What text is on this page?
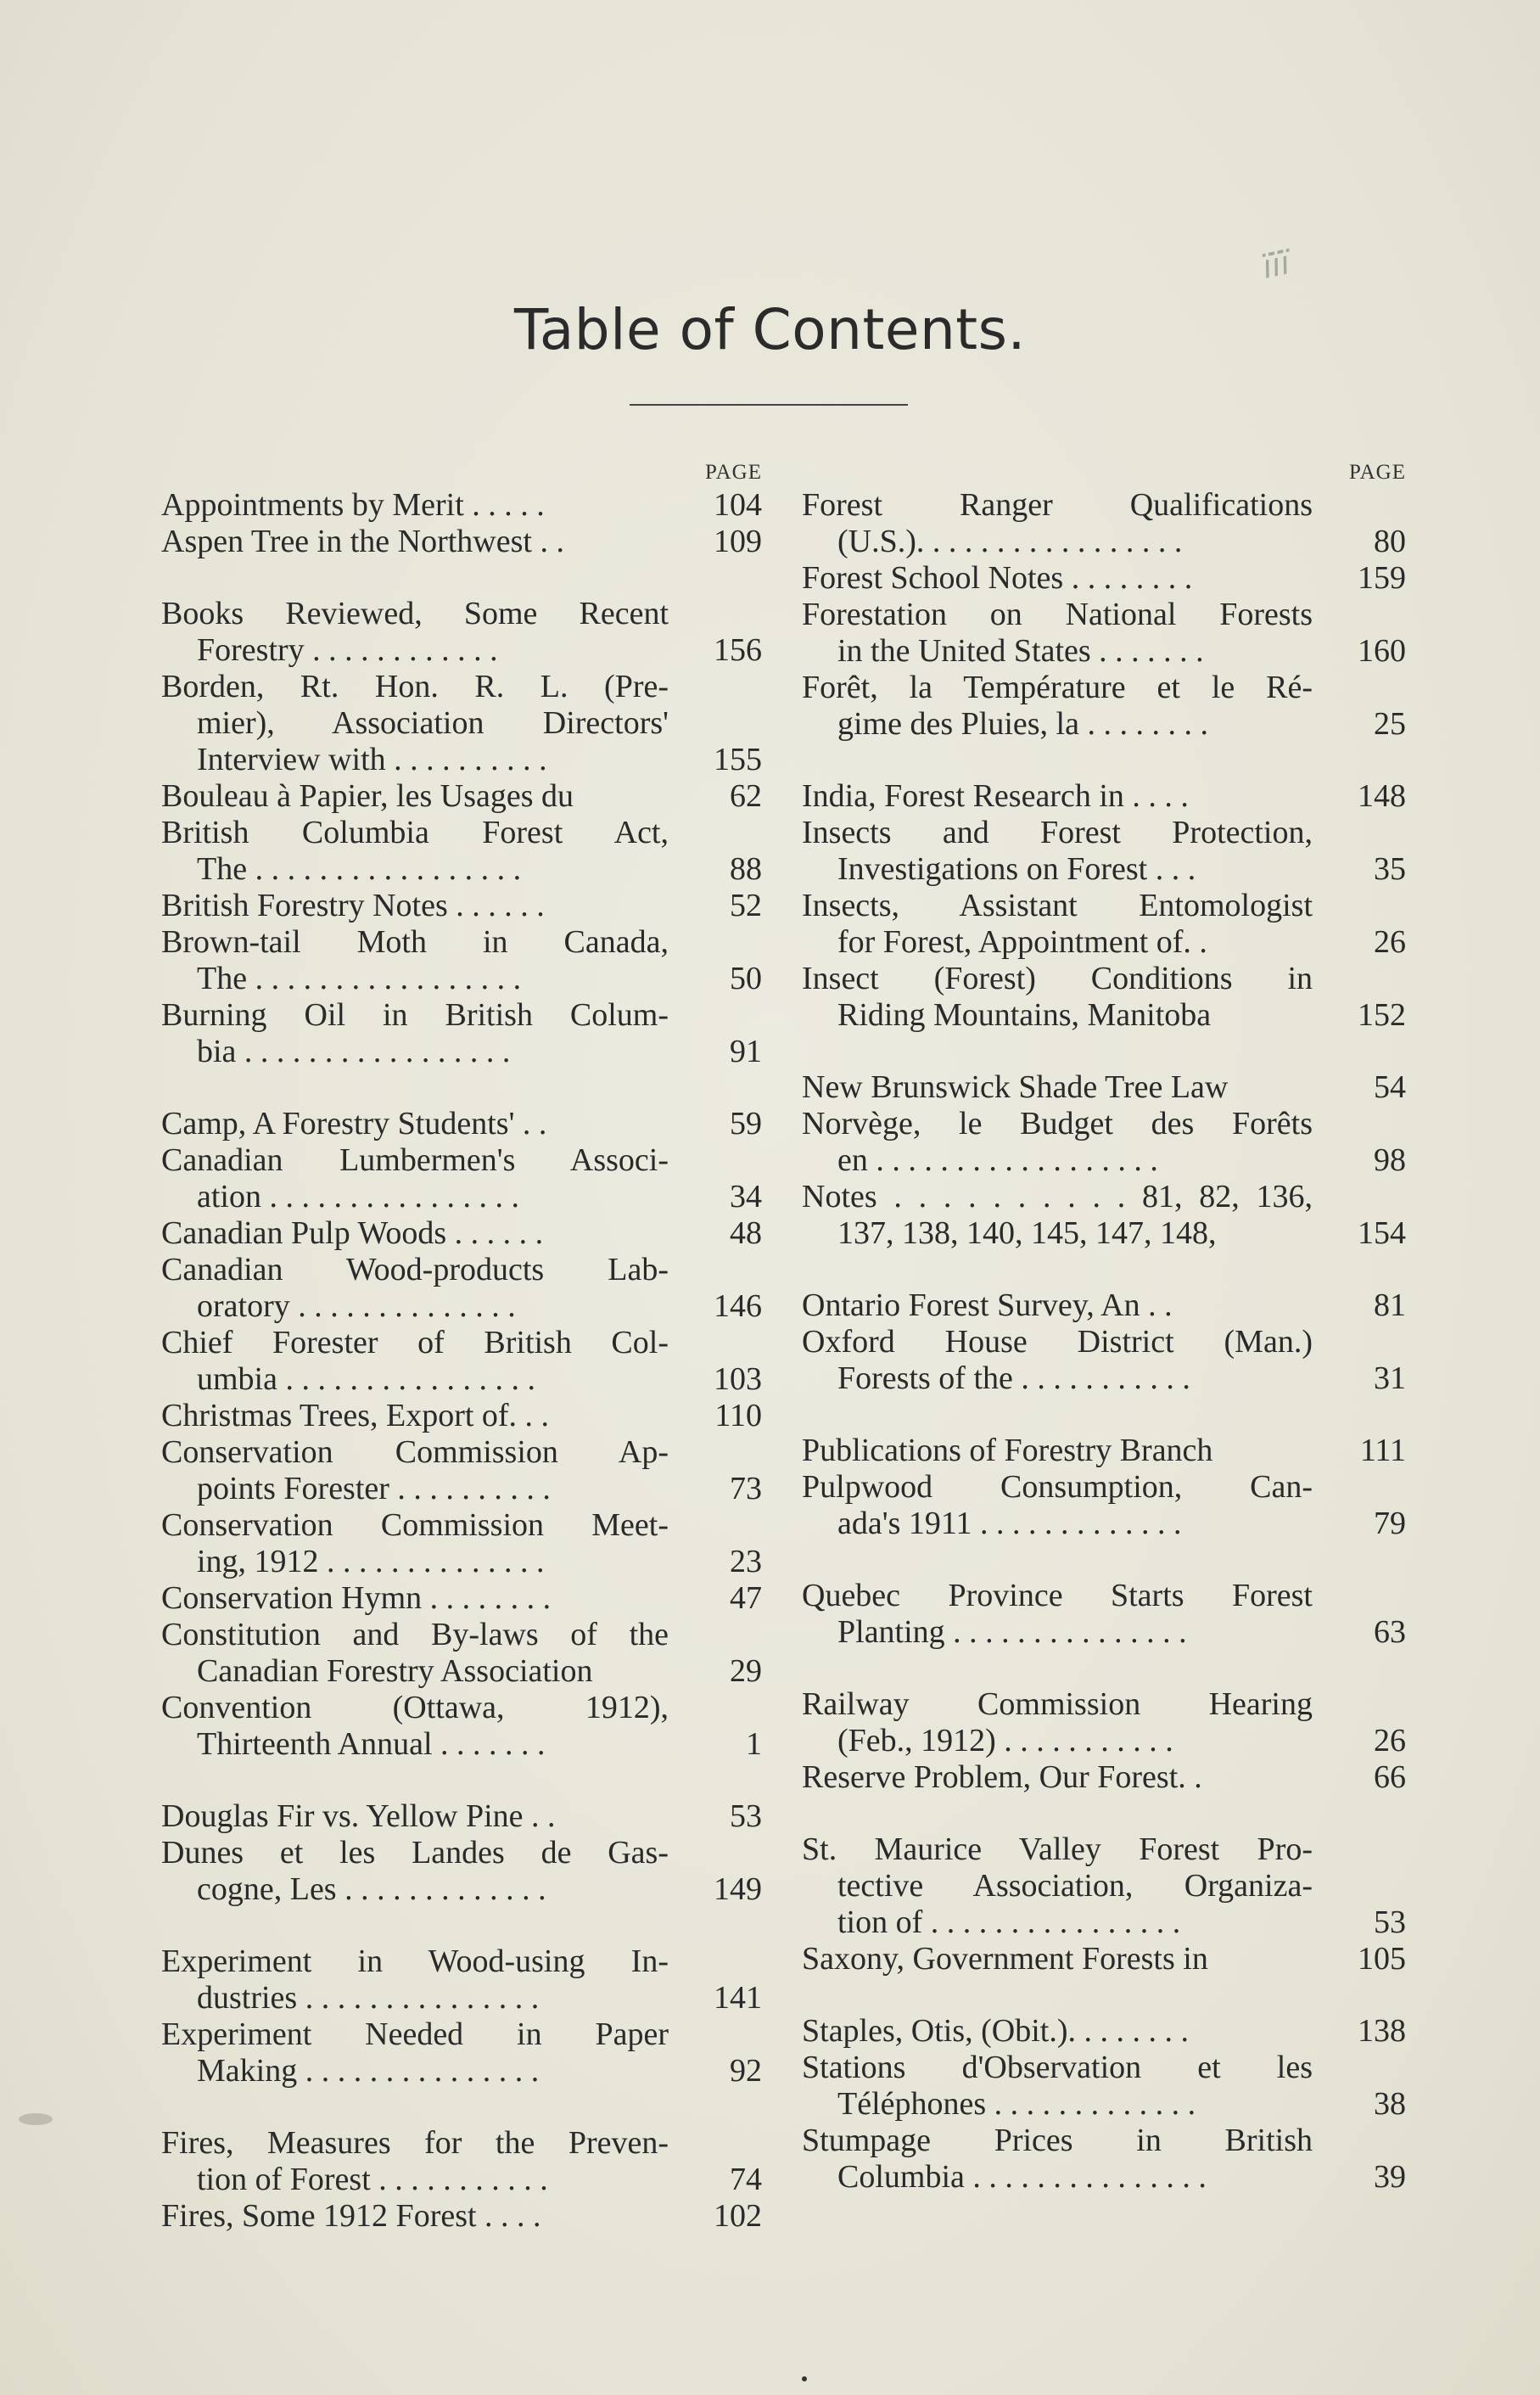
ïïï
Table of Contents.
PAGE
Appointments by Merit . . . . .	104
Aspen Tree in the Northwest . .	109
Books Reviewed, Some Recent
Forestry . . . . . . . . . . . .	156
Borden, Rt. Hon. R. L. (Pre-
mier), Association Directors'
Interview with . . . . . . . . . .	155
Bouleau à Papier, les Usages du	62
British Columbia Forest Act,
The . . . . . . . . . . . . . . . . .	88
British Forestry Notes . . . . . .	52
Brown-tail Moth in Canada,
The . . . . . . . . . . . . . . . . .	50
Burning Oil in British Colum-
bia . . . . . . . . . . . . . . . . .	91
Camp, A Forestry Students' . .	59
Canadian Lumbermen's Associ-
ation . . . . . . . . . . . . . . . .	34
Canadian Pulp Woods . . . . . .	48
Canadian Wood-products Lab-
oratory . . . . . . . . . . . . . .	146
Chief Forester of British Col-
umbia . . . . . . . . . . . . . . . .	103
Christmas Trees, Export of. . .	110
Conservation Commission Ap-
points Forester . . . . . . . . . .	73
Conservation Commission Meet-
ing, 1912 . . . . . . . . . . . . . .	23
Conservation Hymn . . . . . . . .	47
Constitution and By-laws of the
Canadian Forestry Association	29
Convention (Ottawa, 1912),
Thirteenth Annual . . . . . . .	1
Douglas Fir vs. Yellow Pine . .	53
Dunes et les Landes de Gas-
cogne, Les . . . . . . . . . . . . .	149
Experiment in Wood-using In-
dustries . . . . . . . . . . . . . . .	141
Experiment Needed in Paper
Making . . . . . . . . . . . . . . .	92
Fires, Measures for the Preven-
tion of Forest . . . . . . . . . . .	74
Fires, Some 1912 Forest . . . .	102
PAGE
Forest Ranger Qualifications
(U.S.). . . . . . . . . . . . . . . . .	80
Forest School Notes . . . . . . . .	159
Forestation on National Forests
in the United States . . . . . . .	160
Forêt, la Température et le Ré-
gime des Pluies, la . . . . . . . .	25
India, Forest Research in . . . .	148
Insects and Forest Protection,
Investigations on Forest . . .	35
Insects, Assistant Entomologist
for Forest, Appointment of. .	26
Insect (Forest) Conditions in
Riding Mountains, Manitoba	152
New Brunswick Shade Tree Law	54
Norvège, le Budget des Forêts
en . . . . . . . . . . . . . . . . . .	98
Notes . . . . . . . . . . 81, 82, 136,
137, 138, 140, 145, 147, 148,	154
Ontario Forest Survey, An . .	81
Oxford House District (Man.)
Forests of the . . . . . . . . . . .	31
Publications of Forestry Branch	111
Pulpwood Consumption, Can-
ada's 1911 . . . . . . . . . . . . .	79
Quebec Province Starts Forest
Planting . . . . . . . . . . . . . . .	63
Railway Commission Hearing
(Feb., 1912) . . . . . . . . . . .	26
Reserve Problem, Our Forest. .	66
St. Maurice Valley Forest Pro-
tective Association, Organiza-
tion of . . . . . . . . . . . . . . . .	53
Saxony, Government Forests in	105
Staples, Otis, (Obit.). . . . . . . .	138
Stations d'Observation et les
Téléphones . . . . . . . . . . . . .	38
Stumpage Prices in British
Columbia . . . . . . . . . . . . . . .	39
